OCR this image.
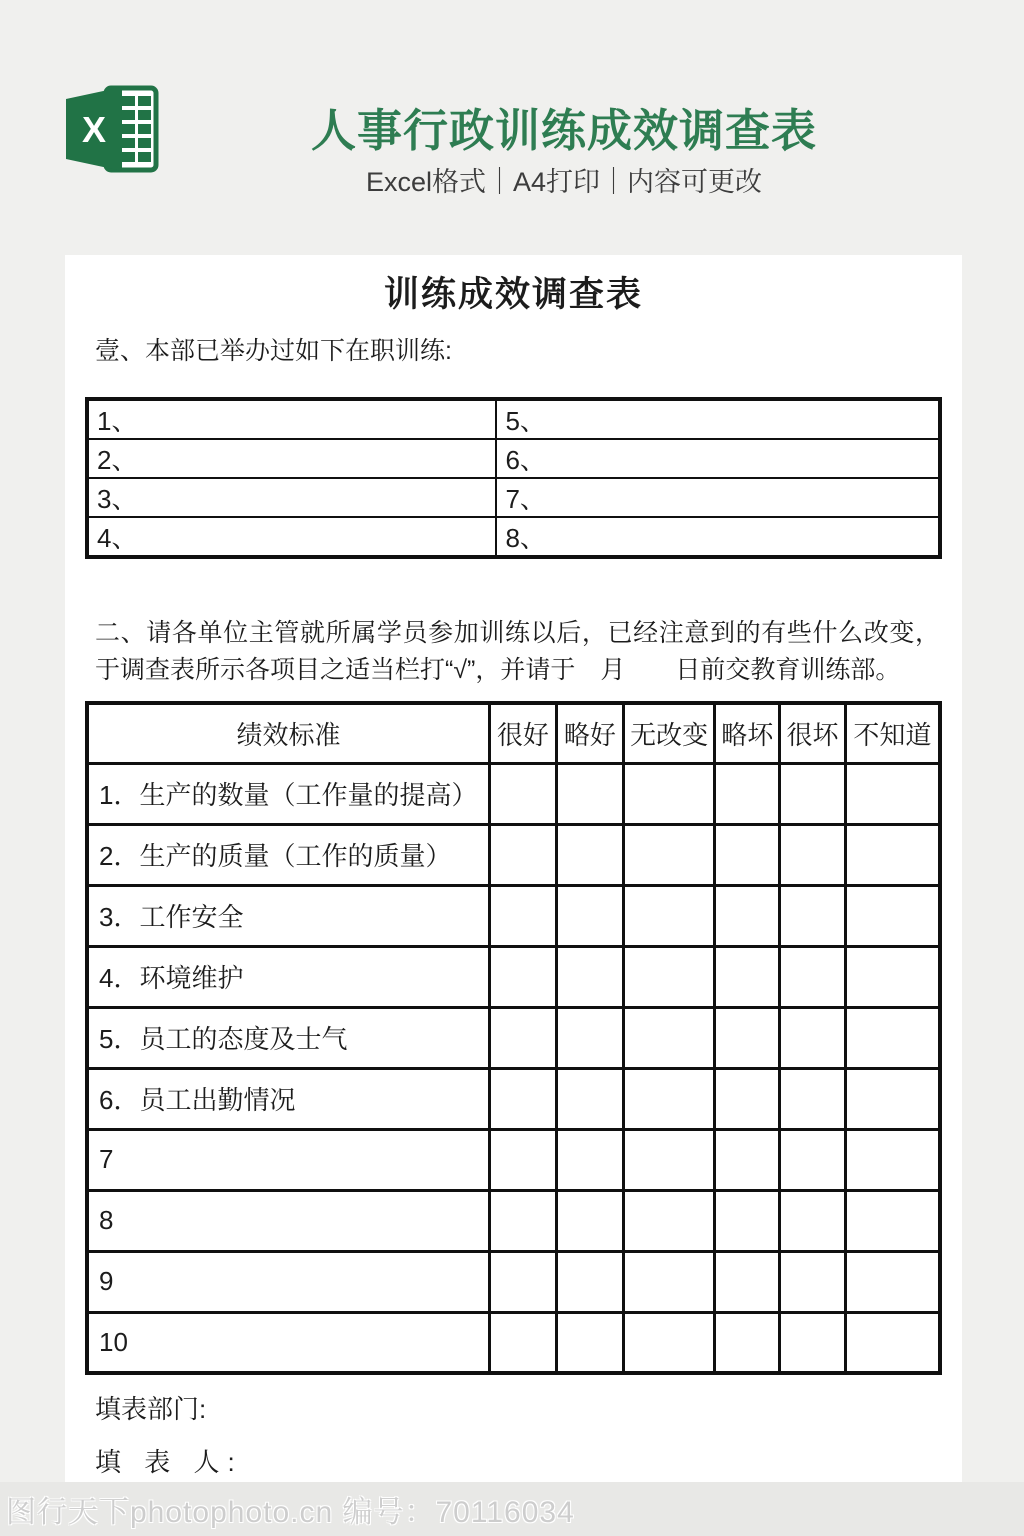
X	人事行政训练成效调查表
Excel格式｜A4打印｜内容可更改
训练成效调查表

壹、本部已举办过如下在职训练:

1、	5、
2、	6、
3、	7、
4、	8、

二、请各单位主管就所属学员参加训练以后，已经注意到的有些什么改变，于调查表所示各项目之适当栏打“√”，并请于　月　　日前交教育训练部。

绩效标准	很好	略好	无改变	略坏	很坏	不知道
1．生产的数量（工作量的提高）						
2．生产的质量（工作的质量）						
3．工作安全						
4．环境维护						
5．员工的态度及士气						
6．员工出勤情况						
7						
8						
9						
10						

填表部门:

填 表 人:

图行天下photophoto.cn 编号：70116034
